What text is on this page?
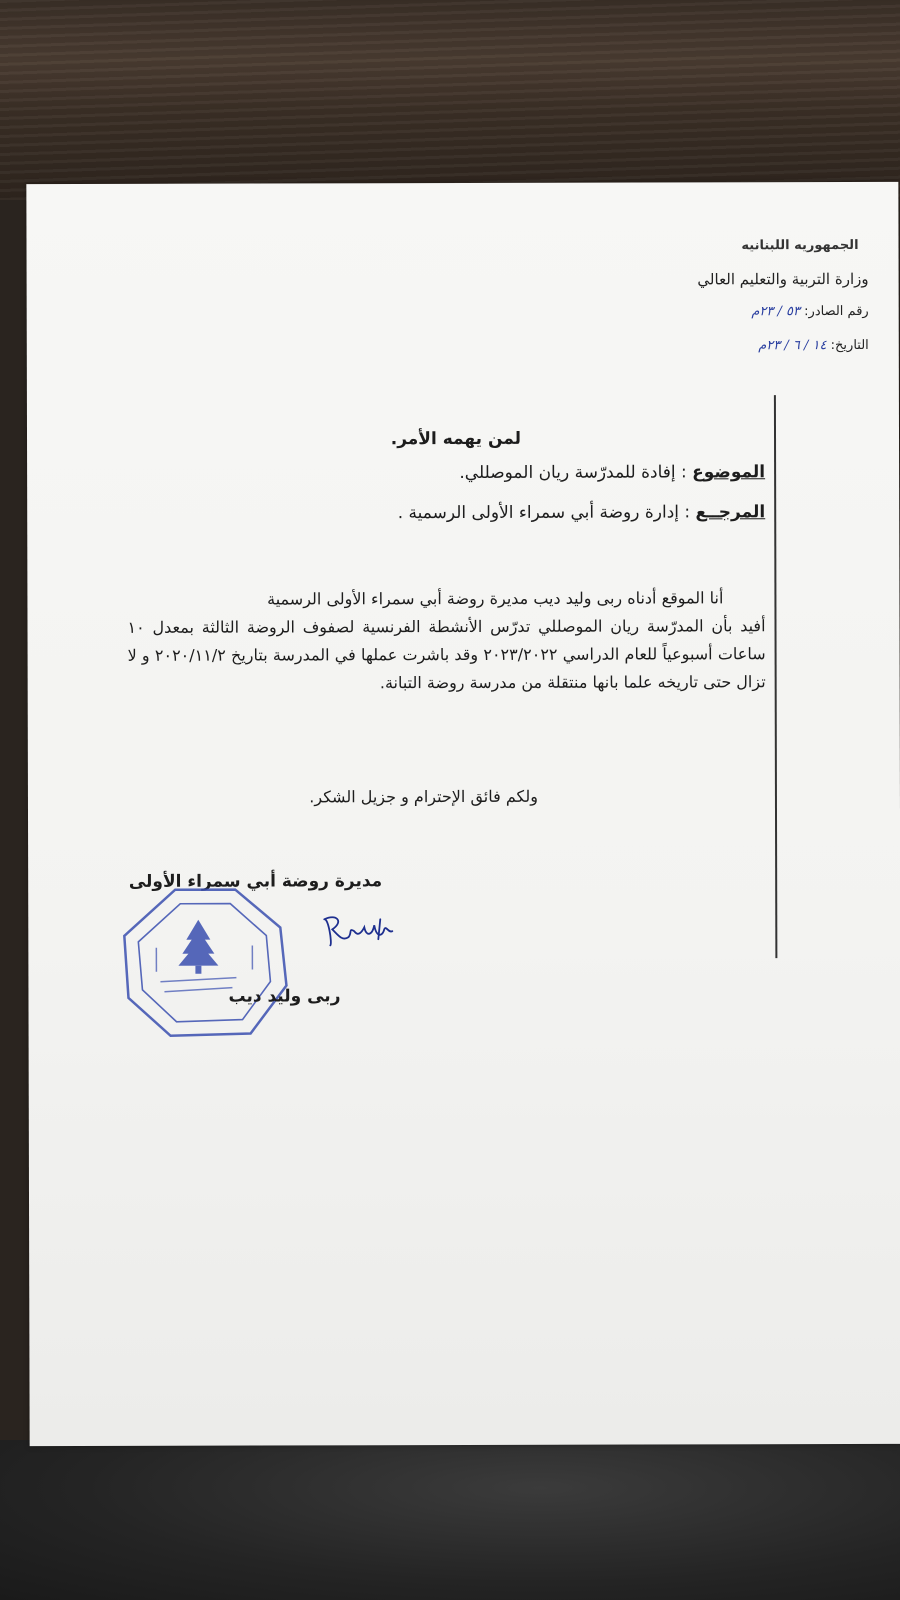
الجمهوريه اللبنانيه
وزارة التربية والتعليم العالي
رقم الصادر: ٥٣ / ٢٣م
التاريخ: ١٤ / ٦ / ٢٣م
لمن يهمه الأمر.
الموضوع : إفادة للمدرّسة ريان الموصللي.
المرجــع : إدارة روضة أبي سمراء الأولى الرسمية .

أنا الموقع أدناه ربى وليد ديب مديرة روضة أبي سمراء الأولى الرسمية

أفيد بأن المدرّسة ريان الموصللي تدرّس الأنشطة الفرنسية لصفوف الروضة الثالثة بمعدل ١٠ ساعات أسبوعياً للعام الدراسي ٢٠٢٣/٢٠٢٢ وقد باشرت عملها في المدرسة بتاريخ ٢٠٢٠/١١/٢ و لا تزال حتى تاريخه علما بانها منتقلة من مدرسة روضة التبانة.

ولكم فائق الإحترام و جزيل الشكر.
مديرة روضة أبي سمراء الأولى
ربى وليد ديب
